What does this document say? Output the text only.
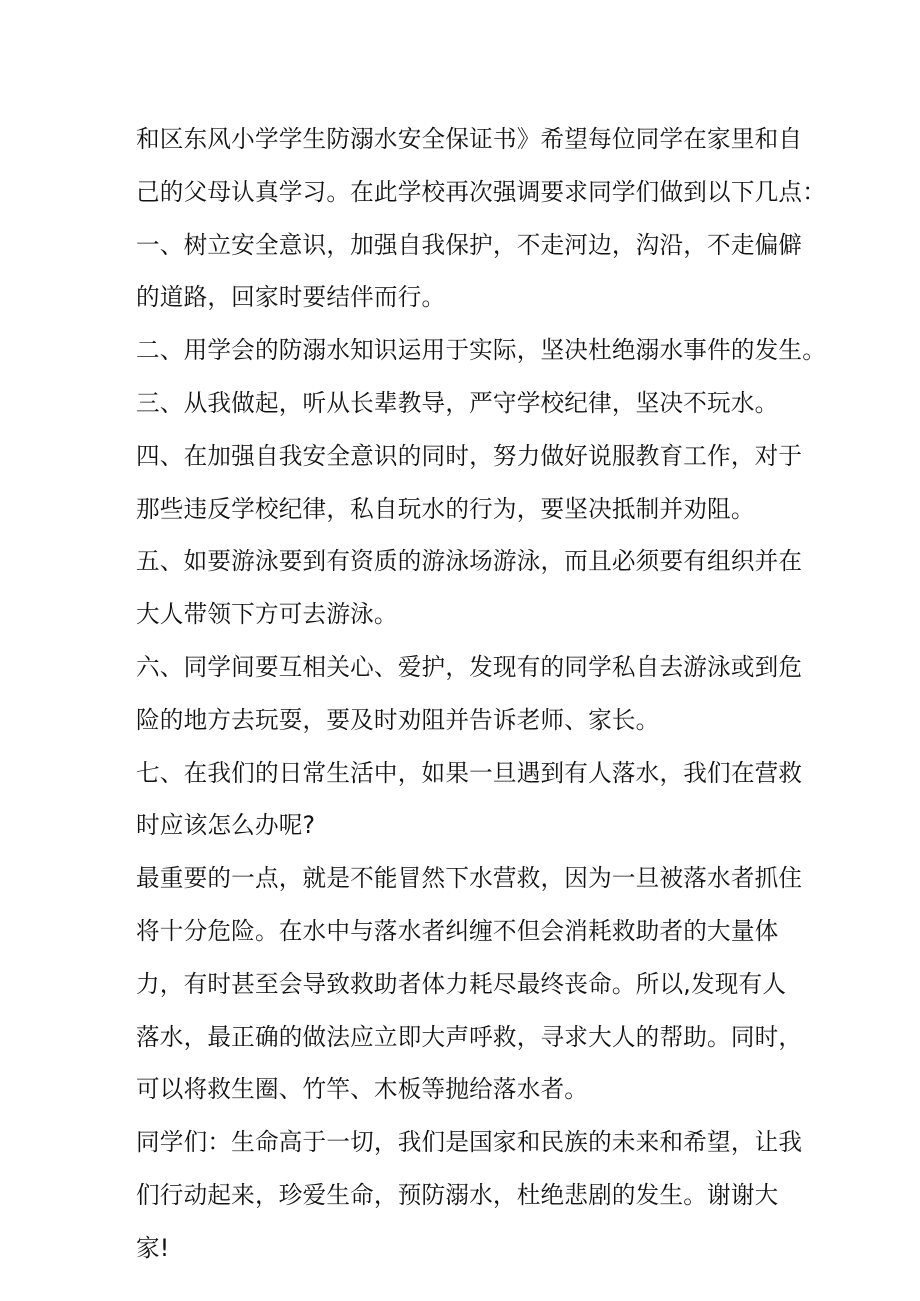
和区东风小学学生防溺水安全保证书》希望每位同学在家里和自
己的父母认真学习。在此学校再次强调要求同学们做到以下几点：
一、树立安全意识，加强自我保护，不走河边，沟沿，不走偏僻
的道路，回家时要结伴而行。
二、用学会的防溺水知识运用于实际，坚决杜绝溺水事件的发生。
三、从我做起，听从长辈教导，严守学校纪律，坚决不玩水。
四、在加强自我安全意识的同时，努力做好说服教育工作，对于
那些违反学校纪律，私自玩水的行为，要坚决抵制并劝阻。
五、如要游泳要到有资质的游泳场游泳，而且必须要有组织并在
大人带领下方可去游泳。
六、同学间要互相关心、爱护，发现有的同学私自去游泳或到危
险的地方去玩耍，要及时劝阻并告诉老师、家长。
七、在我们的日常生活中，如果一旦遇到有人落水，我们在营救
时应该怎么办呢?
最重要的一点，就是不能冒然下水营救，因为一旦被落水者抓住
将十分危险。在水中与落水者纠缠不但会消耗救助者的大量体
力，有时甚至会导致救助者体力耗尽最终丧命。所以,发现有人
落水，最正确的做法应立即大声呼救，寻求大人的帮助。同时，
可以将救生圈、竹竿、木板等抛给落水者。
同学们：生命高于一切，我们是国家和民族的未来和希望，让我
们行动起来，珍爱生命，预防溺水，杜绝悲剧的发生。谢谢大
家!
